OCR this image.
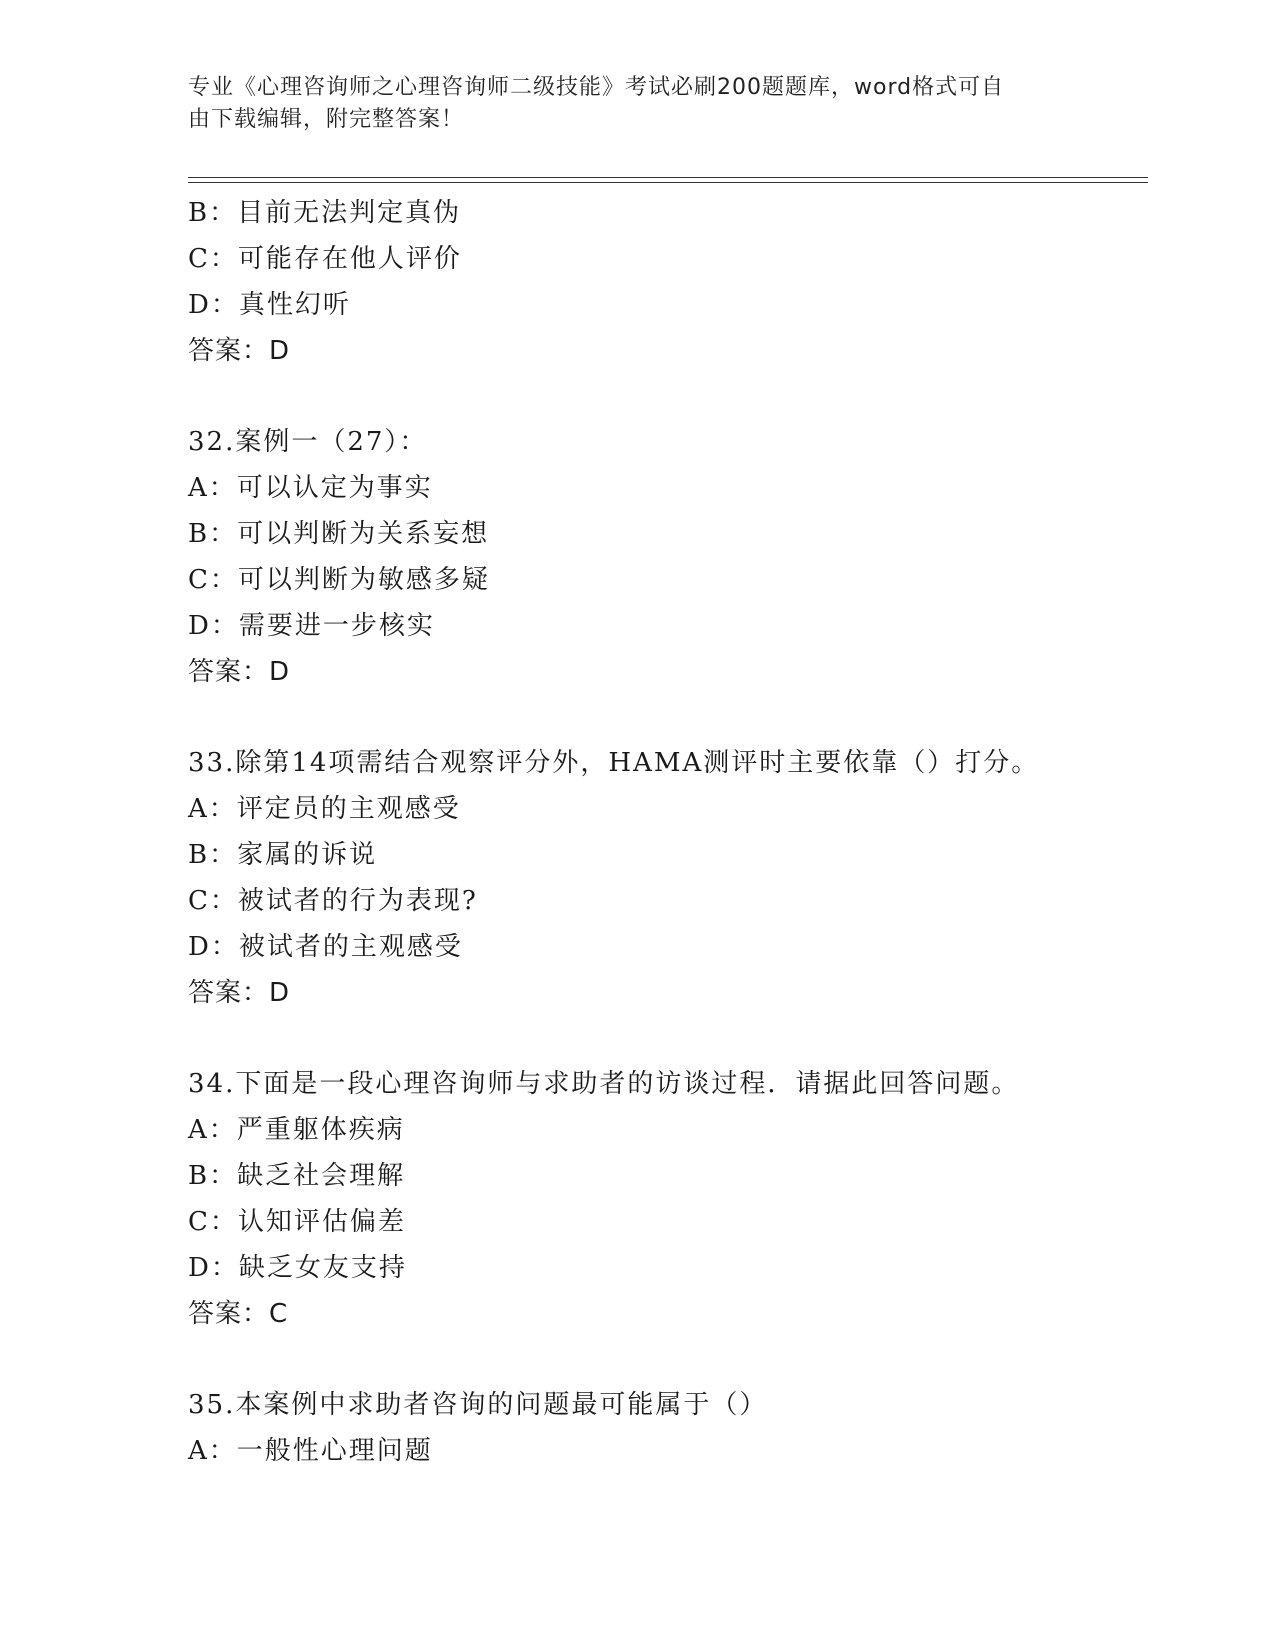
专业《心理咨询师之心理咨询师二级技能》考试必刷200题题库，word格式可自
由下载编辑，附完整答案！
B：目前无法判定真伪
C：可能存在他人评价
D：真性幻听
答案：D
32.案例一（27）：
A：可以认定为事实
B：可以判断为关系妄想
C：可以判断为敏感多疑
D：需要进一步核实
答案：D
33.除第14项需结合观察评分外，HAMA测评时主要依靠（）打分。
A：评定员的主观感受
B：家属的诉说
C：被试者的行为表现?
D：被试者的主观感受
答案：D
34.下面是一段心理咨询师与求助者的访谈过程．请据此回答问题。
A：严重躯体疾病
B：缺乏社会理解
C：认知评估偏差
D：缺乏女友支持
答案：C
35.本案例中求助者咨询的问题最可能属于（）
A：一般性心理问题
